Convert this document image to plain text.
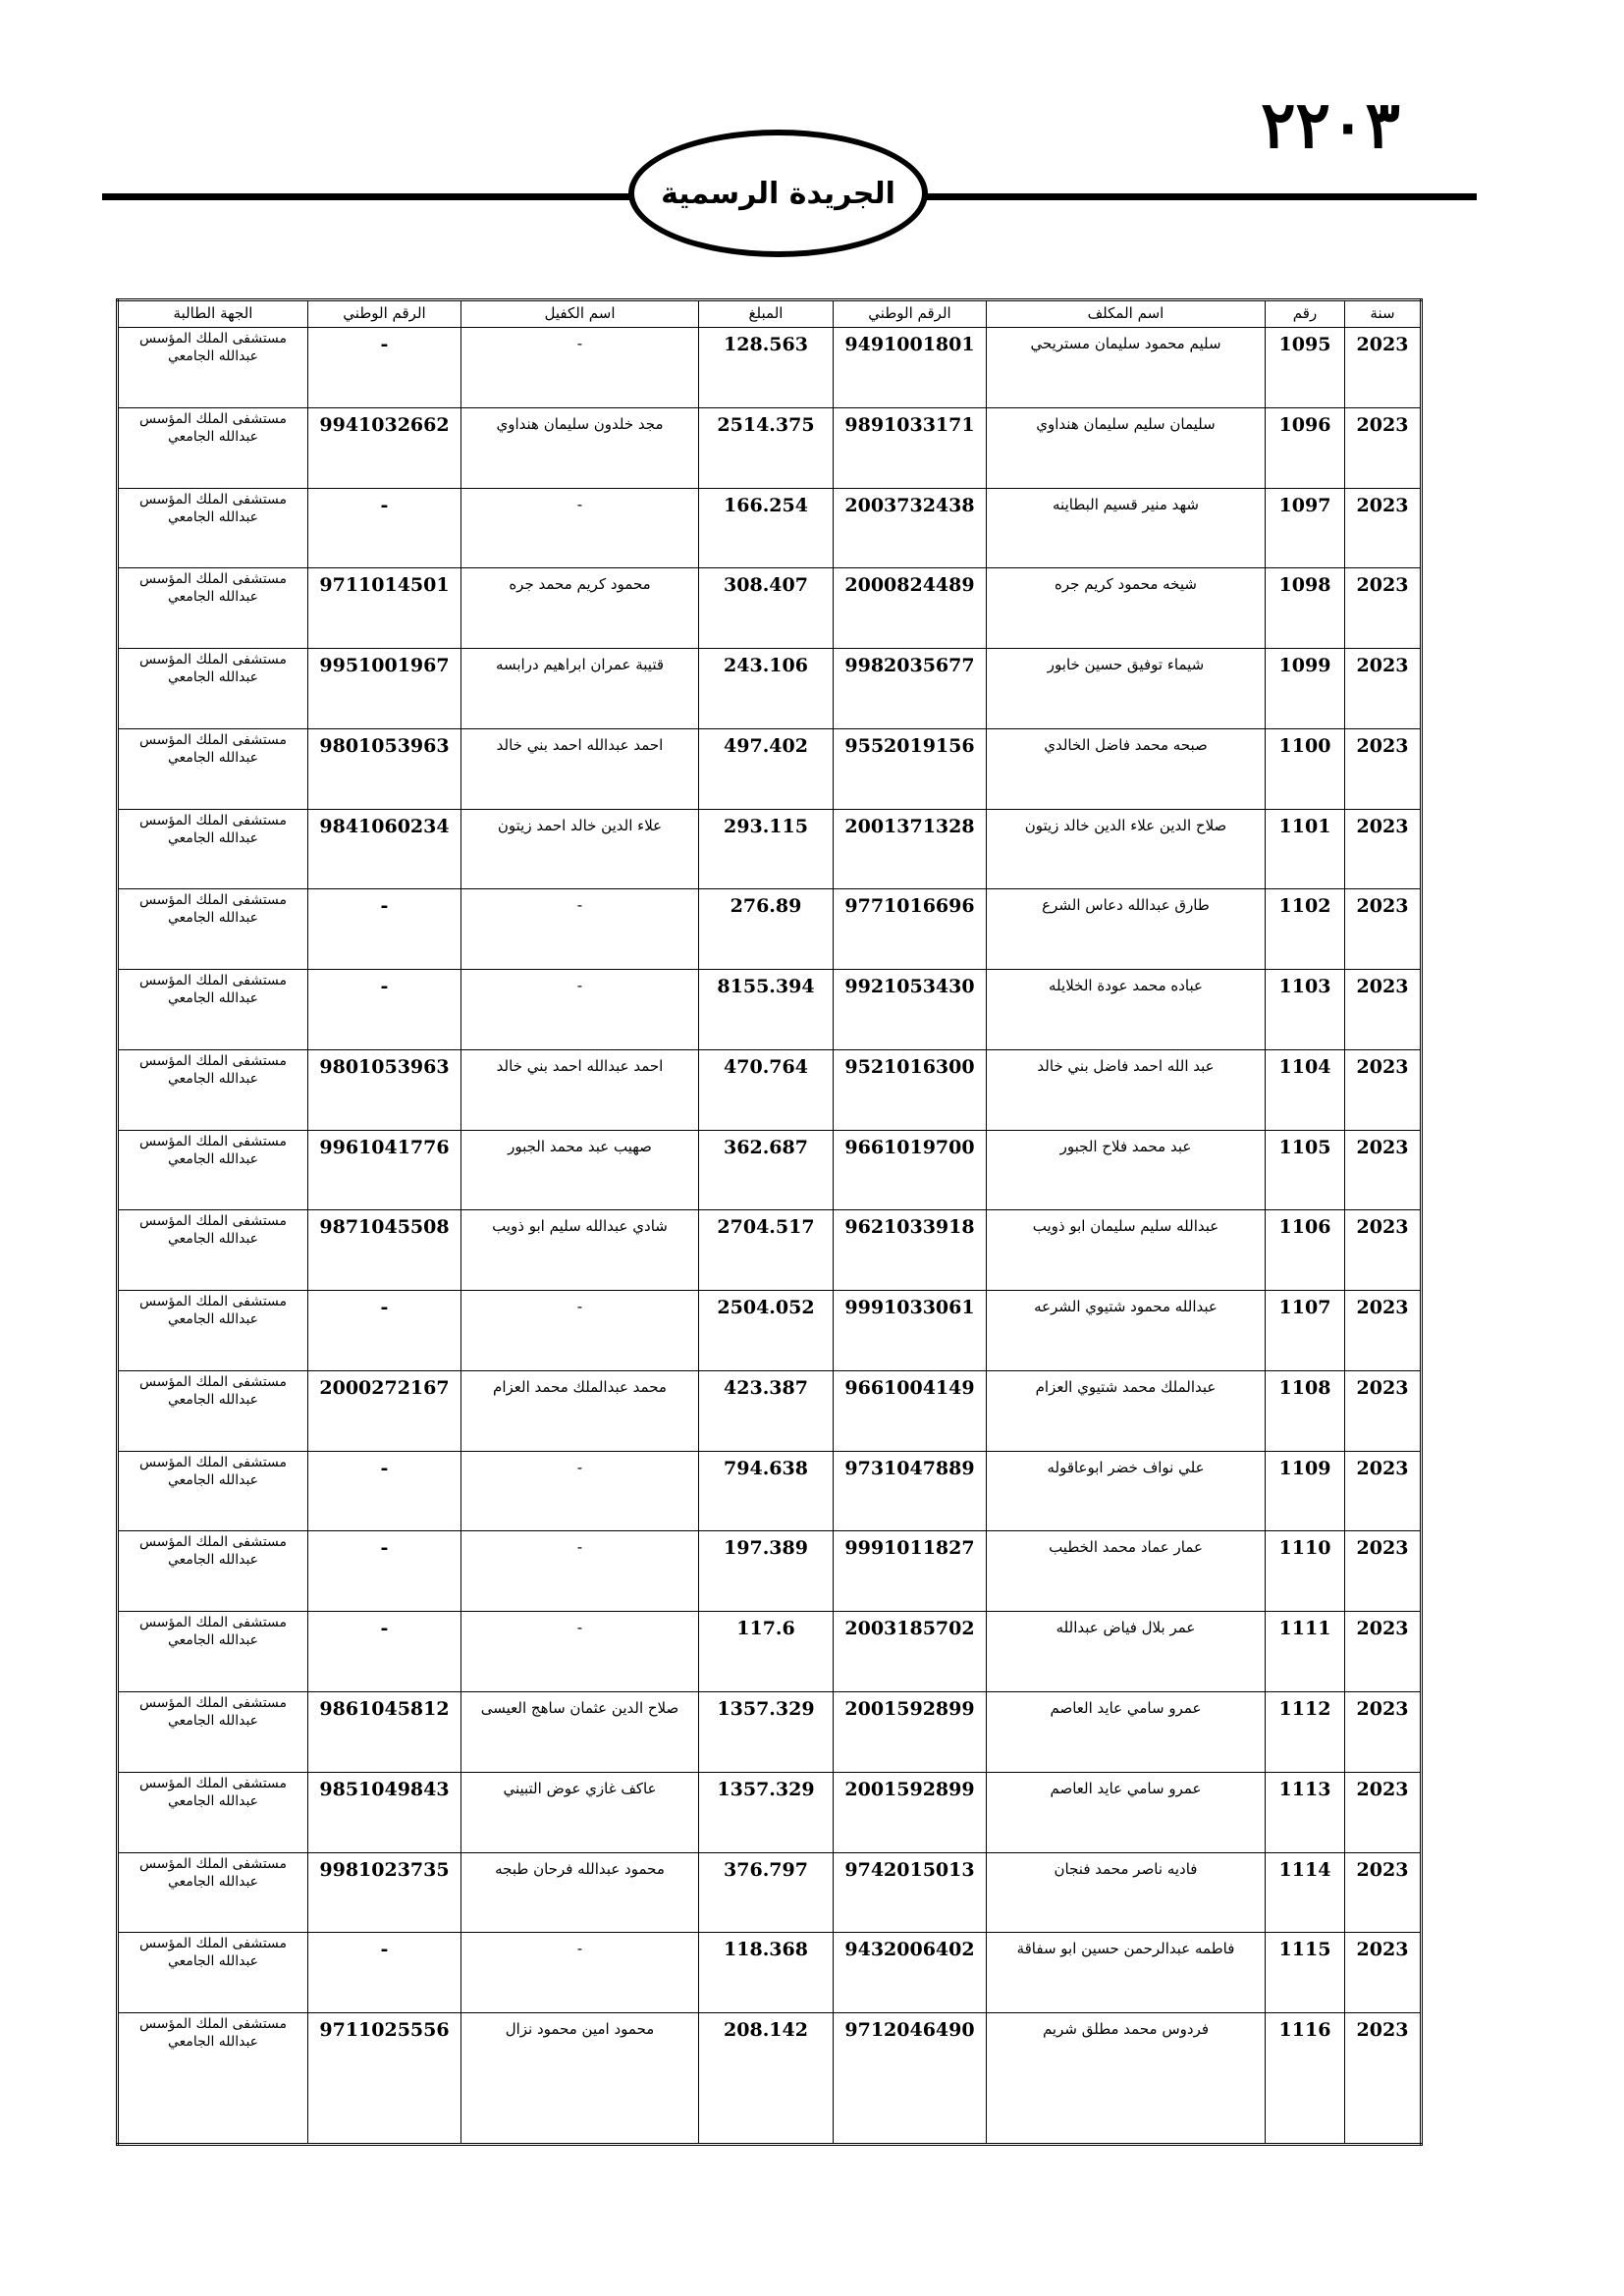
٢٢٠٣
الجريدة الرسمية
سنة	رقم	اسم المكلف	الرقم الوطني	المبلغ	اسم الكفيل	الرقم الوطني	الجهة الطالبة
2023	1095	سليم محمود سليمان مستريحي	9491001801	128.563	-	-	مستشفى الملك المؤسس عبدالله الجامعي
2023	1096	سليمان سليم سليمان هنداوي	9891033171	2514.375	مجد خلدون سليمان هنداوي	9941032662	مستشفى الملك المؤسس عبدالله الجامعي
2023	1097	شهد منير قسيم البطاينه	2003732438	166.254	-	-	مستشفى الملك المؤسس عبدالله الجامعي
2023	1098	شيخه محمود كريم جره	2000824489	308.407	محمود كريم محمد جره	9711014501	مستشفى الملك المؤسس عبدالله الجامعي
2023	1099	شيماء توفيق حسين خابور	9982035677	243.106	قتيبة عمران ابراهيم درابسه	9951001967	مستشفى الملك المؤسس عبدالله الجامعي
2023	1100	صبحه محمد فاضل الخالدي	9552019156	497.402	احمد عبدالله احمد بني خالد	9801053963	مستشفى الملك المؤسس عبدالله الجامعي
2023	1101	صلاح الدين علاء الدين خالد زيتون	2001371328	293.115	علاء الدين خالد احمد زيتون	9841060234	مستشفى الملك المؤسس عبدالله الجامعي
2023	1102	طارق عبدالله دعاس الشرع	9771016696	276.89	-	-	مستشفى الملك المؤسس عبدالله الجامعي
2023	1103	عباده محمد عودة الخلايله	9921053430	8155.394	-	-	مستشفى الملك المؤسس عبدالله الجامعي
2023	1104	عبد الله احمد فاضل بني خالد	9521016300	470.764	احمد عبدالله احمد بني خالد	9801053963	مستشفى الملك المؤسس عبدالله الجامعي
2023	1105	عبد محمد فلاح الجبور	9661019700	362.687	صهيب عبد محمد الجبور	9961041776	مستشفى الملك المؤسس عبدالله الجامعي
2023	1106	عبدالله سليم سليمان ابو ذويب	9621033918	2704.517	شادي عبدالله سليم ابو ذويب	9871045508	مستشفى الملك المؤسس عبدالله الجامعي
2023	1107	عبدالله محمود شتيوي الشرعه	9991033061	2504.052	-	-	مستشفى الملك المؤسس عبدالله الجامعي
2023	1108	عبدالملك محمد شتيوي العزام	9661004149	423.387	محمد عبدالملك محمد العزام	2000272167	مستشفى الملك المؤسس عبدالله الجامعي
2023	1109	علي نواف خضر ابوعاقوله	9731047889	794.638	-	-	مستشفى الملك المؤسس عبدالله الجامعي
2023	1110	عمار عماد محمد الخطيب	9991011827	197.389	-	-	مستشفى الملك المؤسس عبدالله الجامعي
2023	1111	عمر بلال فياض عبدالله	2003185702	117.6	-	-	مستشفى الملك المؤسس عبدالله الجامعي
2023	1112	عمرو سامي عايد العاصم	2001592899	1357.329	صلاح الدين عثمان ساهج العيسى	9861045812	مستشفى الملك المؤسس عبدالله الجامعي
2023	1113	عمرو سامي عايد العاصم	2001592899	1357.329	عاكف غازي عوض التبيني	9851049843	مستشفى الملك المؤسس عبدالله الجامعي
2023	1114	فاديه ناصر محمد فنجان	9742015013	376.797	محمود عبدالله فرحان طبجه	9981023735	مستشفى الملك المؤسس عبدالله الجامعي
2023	1115	فاطمه عبدالرحمن حسين ابو سفاقة	9432006402	118.368	-	-	مستشفى الملك المؤسس عبدالله الجامعي
2023	1116	فردوس محمد مطلق شريم	9712046490	208.142	محمود امين محمود نزال	9711025556	مستشفى الملك المؤسس عبدالله الجامعي
